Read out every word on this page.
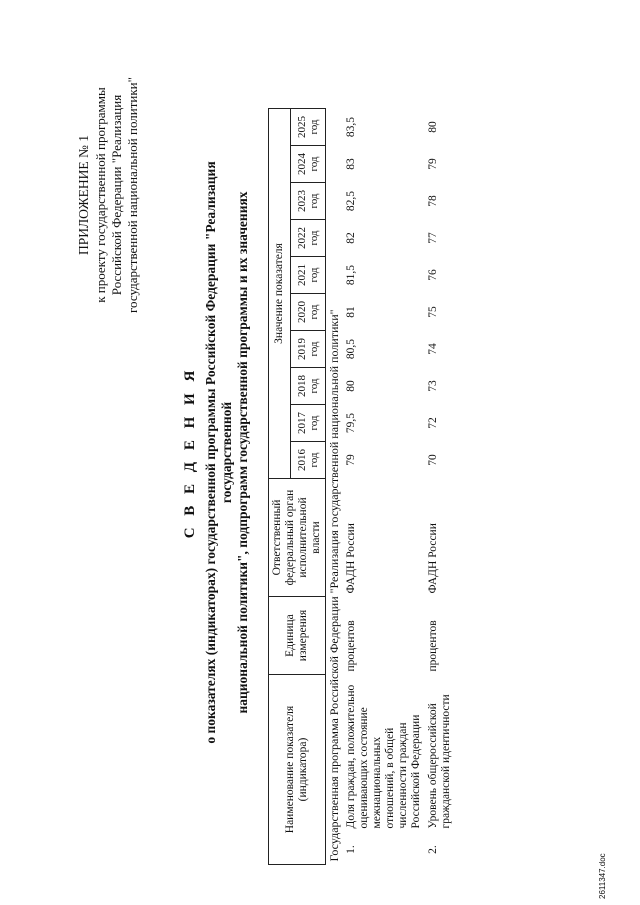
ПРИЛОЖЕНИЕ № 1 к проекту государственной программы Российской Федерации "Реализация государственной национальной политики"
С В Е Д Е Н И Я о показателях (индикаторах) государственной программы Российской Федерации "Реализация государственной национальной политики", подпрограмм государственной программы и их значениях
Наименование показателя (индикатора)		Единица измерения	Ответственный федеральный орган исполнительной власти	Значение показателя									
				2016 год	2017 год	2018 год	2019 год	2020 год	2021 год	2022 год	2023 год	2024 год	2025 год
Государственная программа Российской Федерации "Реализация государственной национальной политики"													
1.	Доля граждан, положительно оценивающих состояние межнациональных отношений, в общей численности граждан Российской Федерации	процентов	ФАДН России	79	79,5	80	80,5	81	81,5	82	82,5	83	83,5
2.	Уровень общероссийской гражданской идентичности	процентов	ФАДН России	70	72	73	74	75	76	77	78	79	80
2611347.doc
